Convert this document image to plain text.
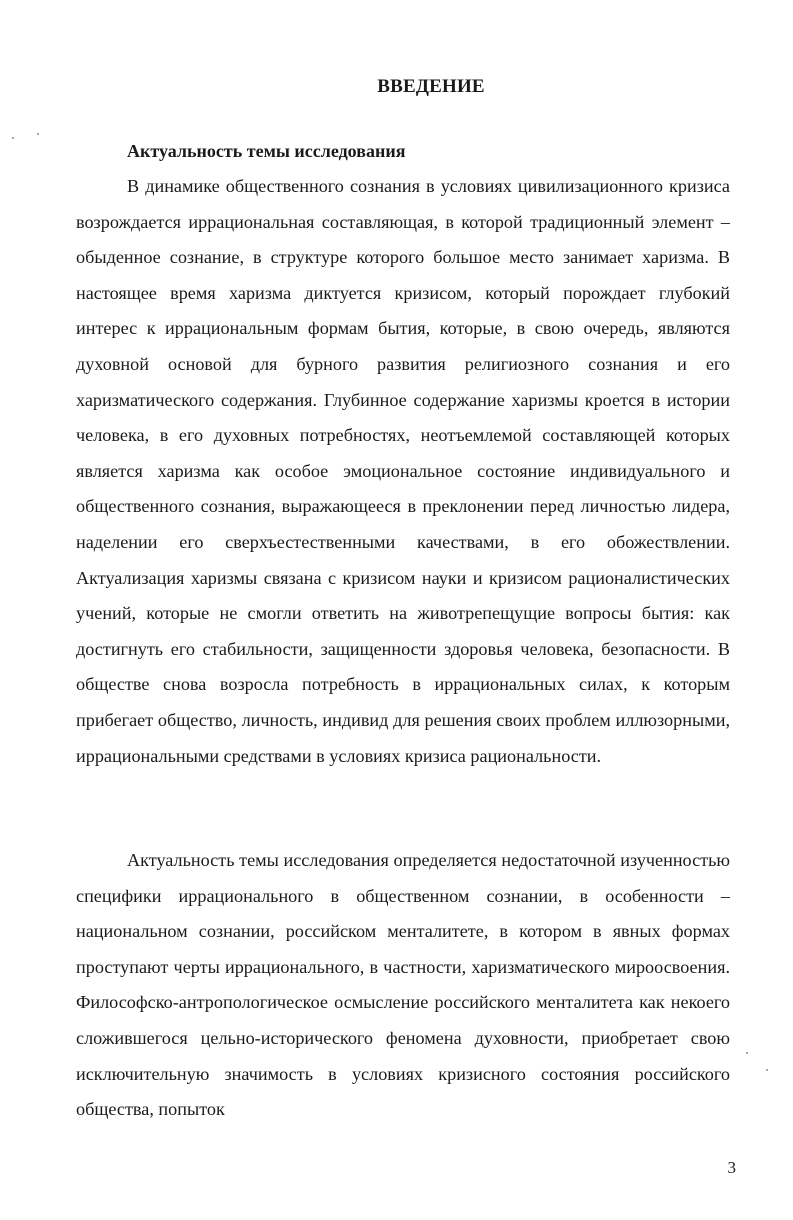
ВВЕДЕНИЕ
Актуальность темы исследования

В динамике общественного сознания в условиях цивилизационного кризиса возрождается иррациональная составляющая, в которой традиционный элемент – обыденное сознание, в структуре которого большое место занимает харизма. В настоящее время харизма диктуется кризисом, который порождает глубокий интерес к иррациональным формам бытия, которые, в свою очередь, являются духовной основой для бурного развития религиозного сознания и его харизматического содержания. Глубинное содержание харизмы кроется в истории человека, в его духовных потребностях, неотъемлемой составляющей которых является харизма как особое эмоциональное состояние индивидуального и общественного сознания, выражающееся в преклонении перед личностью лидера, наделении его сверхъестественными качествами, в его обожествлении. Актуализация харизмы связана с кризисом науки и кризисом рационалистических учений, которые не смогли ответить на животрепещущие вопросы бытия: как достигнуть его стабильности, защищенности здоровья человека, безопасности. В обществе снова возросла потребность в иррациональных силах, к которым прибегает общество, личность, индивид для решения своих проблем иллюзорными, иррациональными средствами в условиях кризиса рациональности.

Актуальность темы исследования определяется недостаточной изученностью специфики иррационального в общественном сознании, в особенности – национальном сознании, российском менталитете, в котором в явных формах проступают черты иррационального, в частности, харизматического мироосвоения. Философско-антропологическое осмысление российского менталитета как некоего сложившегося цельно-исторического феномена духовности, приобретает свою исключительную значимость в условиях кризисного состояния российского общества, попыток

3
